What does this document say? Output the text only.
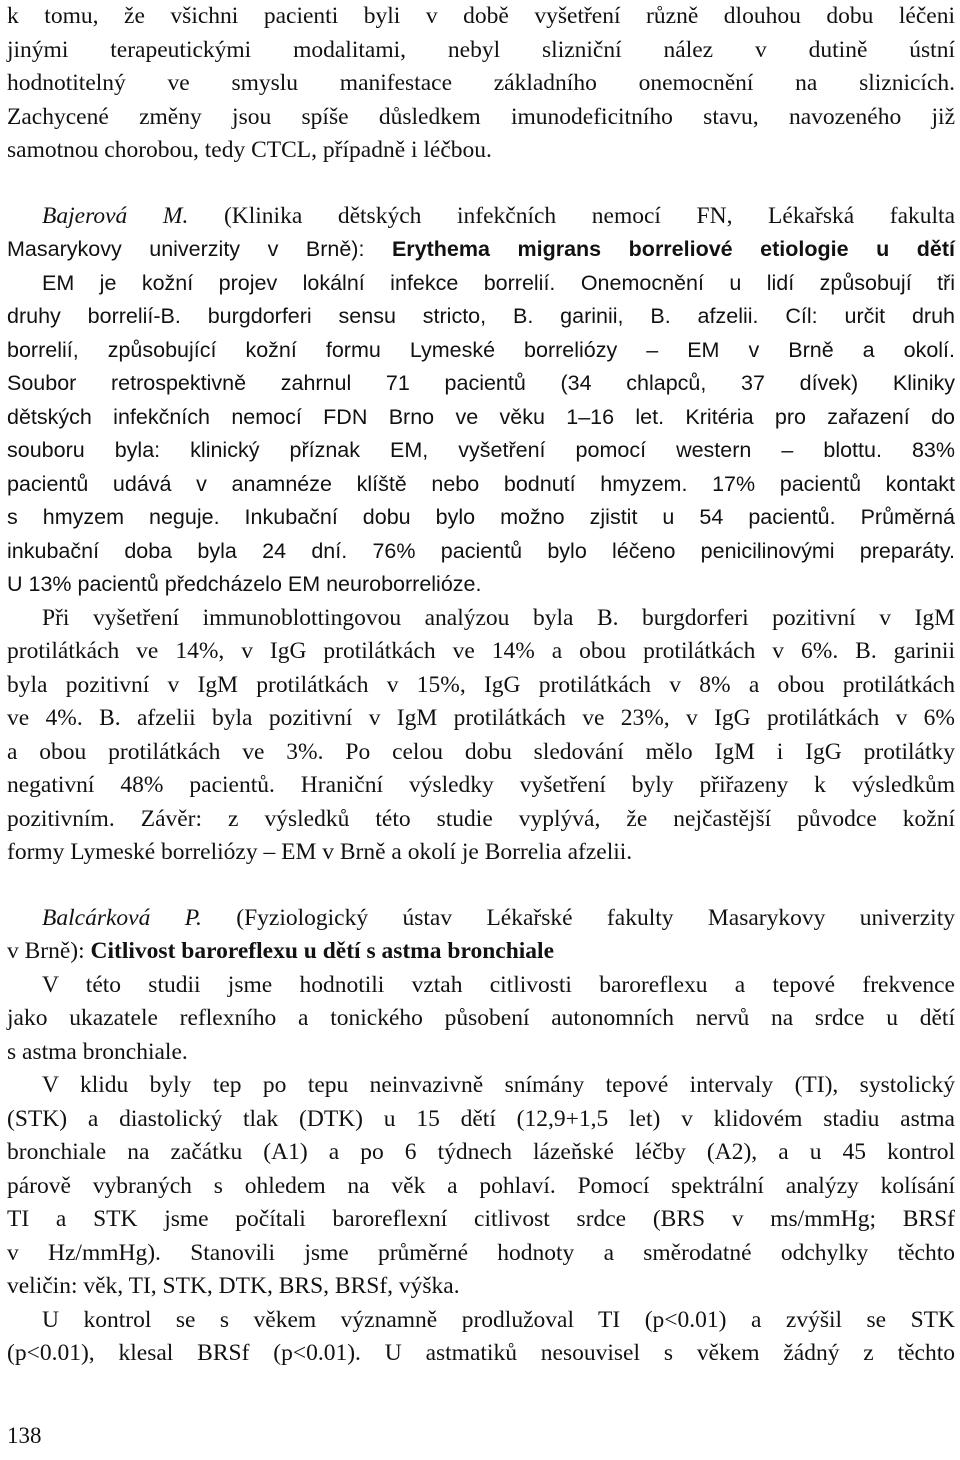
k tomu, že všichni pacienti byli v době vyšetření různě dlouhou dobu léčeni
jinými terapeutickými modalitami, nebyl slizniční nález v dutině ústní
hodnotitelný ve smyslu manifestace základního onemocnění na sliznicích.
Zachycené změny jsou spíše důsledkem imunodeficitního stavu, navozeného již
samotnou chorobou, tedy CTCL, případně i léčbou.
Bajerová M. (Klinika dětských infekčních nemocí FN, Lékařská fakulta
Masarykovy univerzity v Brně): Erythema migrans borreliové etiologie u dětí
EM je kožní projev lokální infekce borrelií. Onemocnění u lidí způsobují tři
druhy borrelií-B. burgdorferi sensu stricto, B. garinii, B. afzelii. Cíl: určit druh
borrelií, způsobující kožní formu Lymeské borreliózy – EM v Brně a okolí.
Soubor retrospektivně zahrnul 71 pacientů (34 chlapců, 37 dívek) Kliniky
dětských infekčních nemocí FDN Brno ve věku 1–16 let. Kritéria pro zařazení do
souboru byla: klinický příznak EM, vyšetření pomocí western – blottu. 83%
pacientů udává v anamnéze klíště nebo bodnutí hmyzem. 17% pacientů kontakt
s hmyzem neguje. Inkubační dobu bylo možno zjistit u 54 pacientů. Průměrná
inkubační doba byla 24 dní. 76% pacientů bylo léčeno penicilinovými preparáty.
U 13% pacientů předcházelo EM neuroborrelióze.
Při vyšetření immunoblottingovou analýzou byla B. burgdorferi pozitivní v IgM
protilátkách ve 14%, v IgG protilátkách ve 14% a obou protilátkách v 6%. B. garinii
byla pozitivní v IgM protilátkách v 15%, IgG protilátkách v 8% a obou protilátkách
ve 4%. B. afzelii byla pozitivní v IgM protilátkách ve 23%, v IgG protilátkách v 6%
a obou protilátkách ve 3%. Po celou dobu sledování mělo IgM i IgG protilátky
negativní 48% pacientů. Hraniční výsledky vyšetření byly přiřazeny k výsledkům
pozitivním. Závěr: z výsledků této studie vyplývá, že nejčastější původce kožní
formy Lymeské borreliózy – EM v Brně a okolí je Borrelia afzelii.
Balcárková P. (Fyziologický ústav Lékařské fakulty Masarykovy univerzity
v Brně): Citlivost baroreflexu u dětí s astma bronchiale
V této studii jsme hodnotili vztah citlivosti baroreflexu a tepové frekvence
jako ukazatele reflexního a tonického působení autonomních nervů na srdce u dětí
s astma bronchiale.
V klidu byly tep po tepu neinvazivně snímány tepové intervaly (TI), systolický
(STK) a diastolický tlak (DTK) u 15 dětí (12,9+1,5 let) v klidovém stadiu astma
bronchiale na začátku (A1) a po 6 týdnech lázeňské léčby (A2), a u 45 kontrol
párově vybraných s ohledem na věk a pohlaví. Pomocí spektrální analýzy kolísání
TI a STK jsme počítali baroreflexní citlivost srdce (BRS v ms/mmHg; BRSf
v Hz/mmHg). Stanovili jsme průměrné hodnoty a směrodatné odchylky těchto
veličin: věk, TI, STK, DTK, BRS, BRSf, výška.
U kontrol se s věkem významně prodlužoval TI (p<0.01) a zvýšil se STK
(p<0.01), klesal BRSf (p<0.01). U astmatiků nesouvisel s věkem žádný z těchto
138
